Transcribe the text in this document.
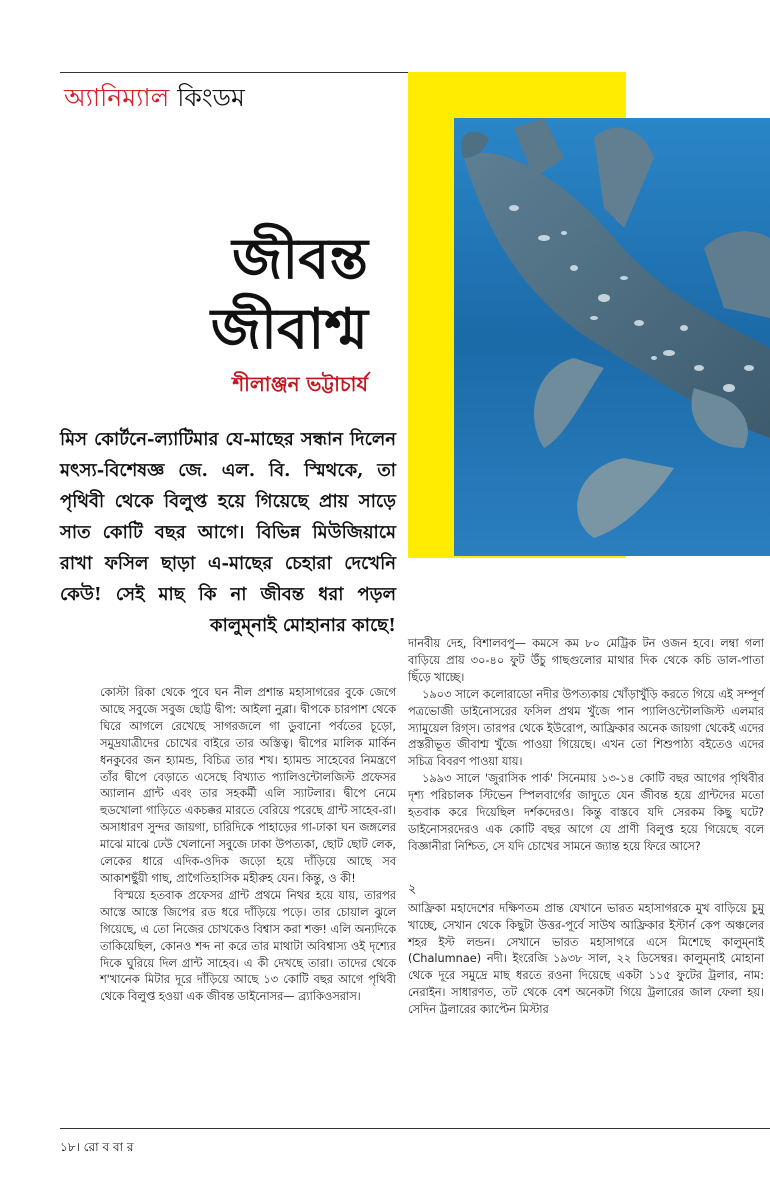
অ্যানিম্যাল কিংডম
জীবন্ত
জীবাশ্ম
শীলাঞ্জন ভট্টাচার্য
মিস কোর্টনে-ল্যাটিমার যে-মাছের সন্ধান দিলেন মৎস্য-বিশেষজ্ঞ জে. এল. বি. স্মিথকে, তা পৃথিবী থেকে বিলুপ্ত হয়ে গিয়েছে প্রায় সাড়ে সাত কোটি বছর আগে। বিভিন্ন মিউজিয়ামে রাখা ফসিল ছাড়া এ-মাছের চেহারা দেখেনি কেউ! সেই মাছ কি না জীবন্ত ধরা পড়ল কালুম্‌নাই মোহানার কাছে!

কোস্টা রিকা থেকে পুবে ঘন নীল প্রশান্ত মহাসাগরের বুকে জেগে আছে সবুজে সবুজ ছোট্ট দ্বীপ: আইলা নুব্লা। দ্বীপকে চারপাশ থেকে ঘিরে আগলে রেখেছে সাগরজলে গা ডুবানো পর্বতের চূড়ো, সমুদ্রযাত্রীদের চোখের বাইরে তার অস্তিত্ব। দ্বীপের মালিক মার্কিন ধনকুবের জন হ্যামন্ড, বিচিত্র তার শখ। হ্যামন্ড সাহেবের নিমন্ত্রণে তাঁর দ্বীপে বেড়াতে এসেছে বিখ্যাত প্যালিওন্টোলজিস্ট প্রফেসর অ্যালান গ্রান্ট এবং তার সহকর্মী এলি স্যাটলার। দ্বীপে নেমে হুডখোলা গাড়িতে একচক্কর মারতে বেরিয়ে পরেছে গ্রান্ট সাহেব-রা। অসাধারণ সুন্দর জায়গা, চারিদিকে পাহাড়ের গা-ঢাকা ঘন জঙ্গলের মাঝে মাঝে ঢেউ খেলানো সবুজে ঢাকা উপত্যকা, ছোট ছোট লেক, লেকের ধারে এদিক-ওদিক জড়ো হয়ে দাঁড়িয়ে আছে সব আকাশছুঁয়ী গাছ, প্রাগৈতিহাসিক মহীরুহ যেন। কিন্তু, ও কী!

বিস্ময়ে হতবাক প্রফেসর গ্রান্ট প্রথমে নিথর হয়ে যায়, তারপর আস্তে আস্তে জিপের রড ধরে দাঁড়িয়ে পড়ে। তার চোয়াল ঝুলে গিয়েছে, এ তো নিজের চোখকেও বিশ্বাস করা শক্ত! এলি অন্যদিকে তাকিয়েছিল, কোনও শব্দ না করে তার মাথাটা অবিশ্বাস্য ওই দৃশ্যের দিকে ঘুরিয়ে দিল গ্রান্ট সাহেব। এ কী দেখছে তারা। তাদের থেকে শ'খানেক মিটার দূরে দাঁড়িয়ে আছে ১৩ কোটি বছর আগে পৃথিবী থেকে বিলুপ্ত হওয়া এক জীবন্ত ডাইনোসর— ব্র্যাকিওসরাস।

দানবীয় দেহ, বিশালবপু— কমসে কম ৮০ মেট্রিক টন ওজন হবে। লম্বা গলা বাড়িয়ে প্রায় ৩০-৪০ ফুট উঁচু গাছগুলোর মাথার দিক থেকে কচি ডাল-পাতা ছিঁড়ে খাচ্ছে।

১৯০৩ সালে কলোরাডো নদীর উপত্যকায় খোঁড়াখুঁড়ি করতে গিয়ে এই সম্পূর্ণ পত্রভোজী ডাইনোসরের ফসিল প্রথম খুঁজে পান প্যালিওন্টোলজিস্ট এলমার স্যামুয়েল রিগ্‌স। তারপর থেকে ইউরোপ, আফ্রিকার অনেক জায়গা থেকেই এদের প্রস্তরীভূত জীবাশ্ম খুঁজে পাওয়া গিয়েছে। এখন তো শিশুপাঠ্য বইতেও এদের সচিত্র বিবরণ পাওয়া যায়।

১৯৯৩ সালে 'জুরাসিক পার্ক' সিনেমায় ১৩-১৪ কোটি বছর আগের পৃথিবীর দৃশ্য পরিচালক স্টিভেন স্পিলবার্গের জাদুতে যেন জীবন্ত হয়ে গ্রান্টদের মতো হতবাক করে দিয়েছিল দর্শকদেরও। কিন্তু বাস্তবে যদি সেরকম কিছু ঘটে? ডাইনোসরদেরও এক কোটি বছর আগে যে প্রাণী বিলুপ্ত হয়ে গিয়েছে বলে বিজ্ঞানীরা নিশ্চিত, সে যদি চোখের সামনে জ্যান্ত হয়ে ফিরে আসে?

২

আফ্রিকা মহাদেশের দক্ষিণতম প্রান্ত যেখানে ভারত মহাসাগরকে মুখ বাড়িয়ে চুমু খাচ্ছে, সেখান থেকে কিছুটা উত্তর-পূর্বে সাউথ আফ্রিকার ইস্টার্ন কেপ অঞ্চলের শহর ইস্ট লন্ডন। সেখানে ভারত মহাসাগরে এসে মিশেছে কালুম্‌নাই (Chalumnae) নদী। ইংরেজি ১৯৩৮ সাল, ২২ ডিসেম্বর। কালুম্‌নাই মোহানা থেকে দূরে সমুদ্রে মাছ ধরতে রওনা দিয়েছে একটা ১১৫ ফুটের ট্রলার, নাম: নেরাইন। সাধারণত, তট থেকে বেশ অনেকটা গিয়ে ট্রলারের জাল ফেলা হয়। সেদিন ট্রলারের ক্যাপ্টেন মিস্টার

১৮। রো ব বা র
